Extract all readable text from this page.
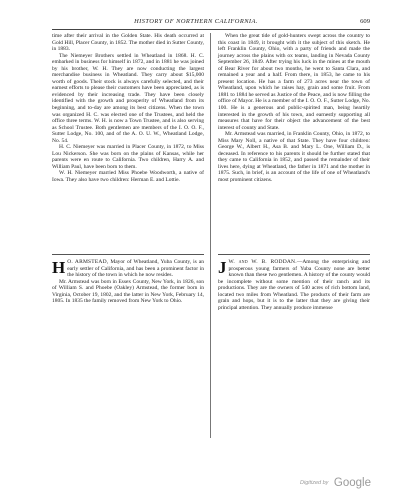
HISTORY OF NORTHERN CALIFORNIA.	609

time after their arrival in the Golden State. His death occurred at Gold Hill, Placer County, in 1852. The mother died in Sutter County, in 1883.

The Niemeyer Brothers settled in Wheatland in 1868. H. C. embarked in business for himself in 1872, and in 1881 he was joined by his brother, W. H. They are now conducting the largest merchandise business in Wheatland. They carry about $15,000 worth of goods. Their stock is always carefully selected, and their earnest efforts to please their customers have been appreciated, as is evidenced by their increasing trade. They have been closely identified with the growth and prosperity of Wheatland from its beginning, and to-day are among its best citizens. When the town was organized H. C. was elected one of the Trustees, and held the office three terms. W. H. is now a Town Trustee, and is also serving as School Trustee. Both gentlemen are members of the I. O. O. F., Sutter Lodge, No. 100, and of the A. O. U. W., Wheatland Lodge, No. 54.

H. C. Niemeyer was married in Placer County, in 1872, to Miss Lou Nickerson. She was born on the plains of Kansas, while her parents were en route to California. Two children, Harry A. and William Paul, have been born to them.

W. H. Niemeyer married Miss Phoebe Woodworth, a native of Iowa. They also have two children: Herman E. and Lottie.

When the great tide of gold-hunters swept across the country to this coast in 1849, it brought with it the subject of this sketch. He left Franklin County, Ohio, with a party of friends and made the journey across the plains with ox teams, landing in Nevada County September 26, 1849. After trying his luck in the mines at the mouth of Bear River for about two months, he went to Santa Clara, and remained a year and a half. From there, in 1853, he came to his present location. He has a farm of 273 acres near the town of Wheatland, upon which he raises hay, grain and some fruit. From 1881 to 1884 he served as Justice of the Peace, and is now filling the office of Mayor. He is a member of the I. O. O. F., Sutter Lodge, No. 100. He is a generous and public-spirited man, being heartily interested in the growth of his town, and earnestly supporting all measures that have for their object the advancement of the best interest of county and State.

Mr. Armstead was married, in Franklin County, Ohio, in 1872, to Miss Mary Noll, a native of that State. They have four children: George W., Albert H., Asa B. and Mary L. One, William D., is deceased. In reference to his parents it should be further stated that they came to California in 1852, and passed the remainder of their lives here, dying at Wheatland, the father in 1871 and the mother in 1875. Such, in brief, is an account of the life of one of Wheatland's most prominent citizens.

H O. ARMSTEAD, Mayor of Wheatland, Yuba County, is an early settler of California, and has been a prominent factor in the history of the town in which he now resides.

Mr. Armstead was born in Essex County, New York, in 1826, son of William S. and Phoebe (Oakley) Armstead, the former born in Virginia, October 19, 1802, and the latter in New York, February 14, 1805. In 1835 the family removed from New York to Ohio.

J W. and W. B. RODDAN.—Among the enterprising and prosperous young farmers of Yuba County none are better known than these two gentlemen. A history of the county would be incomplete without some mention of their ranch and its productions. They are the owners of 540 acres of rich bottom land, located two miles from Wheatland. The products of their farm are grain and hops, but it is to the latter that they are giving their principal attention. They annually produce immense

Digitized by Google
